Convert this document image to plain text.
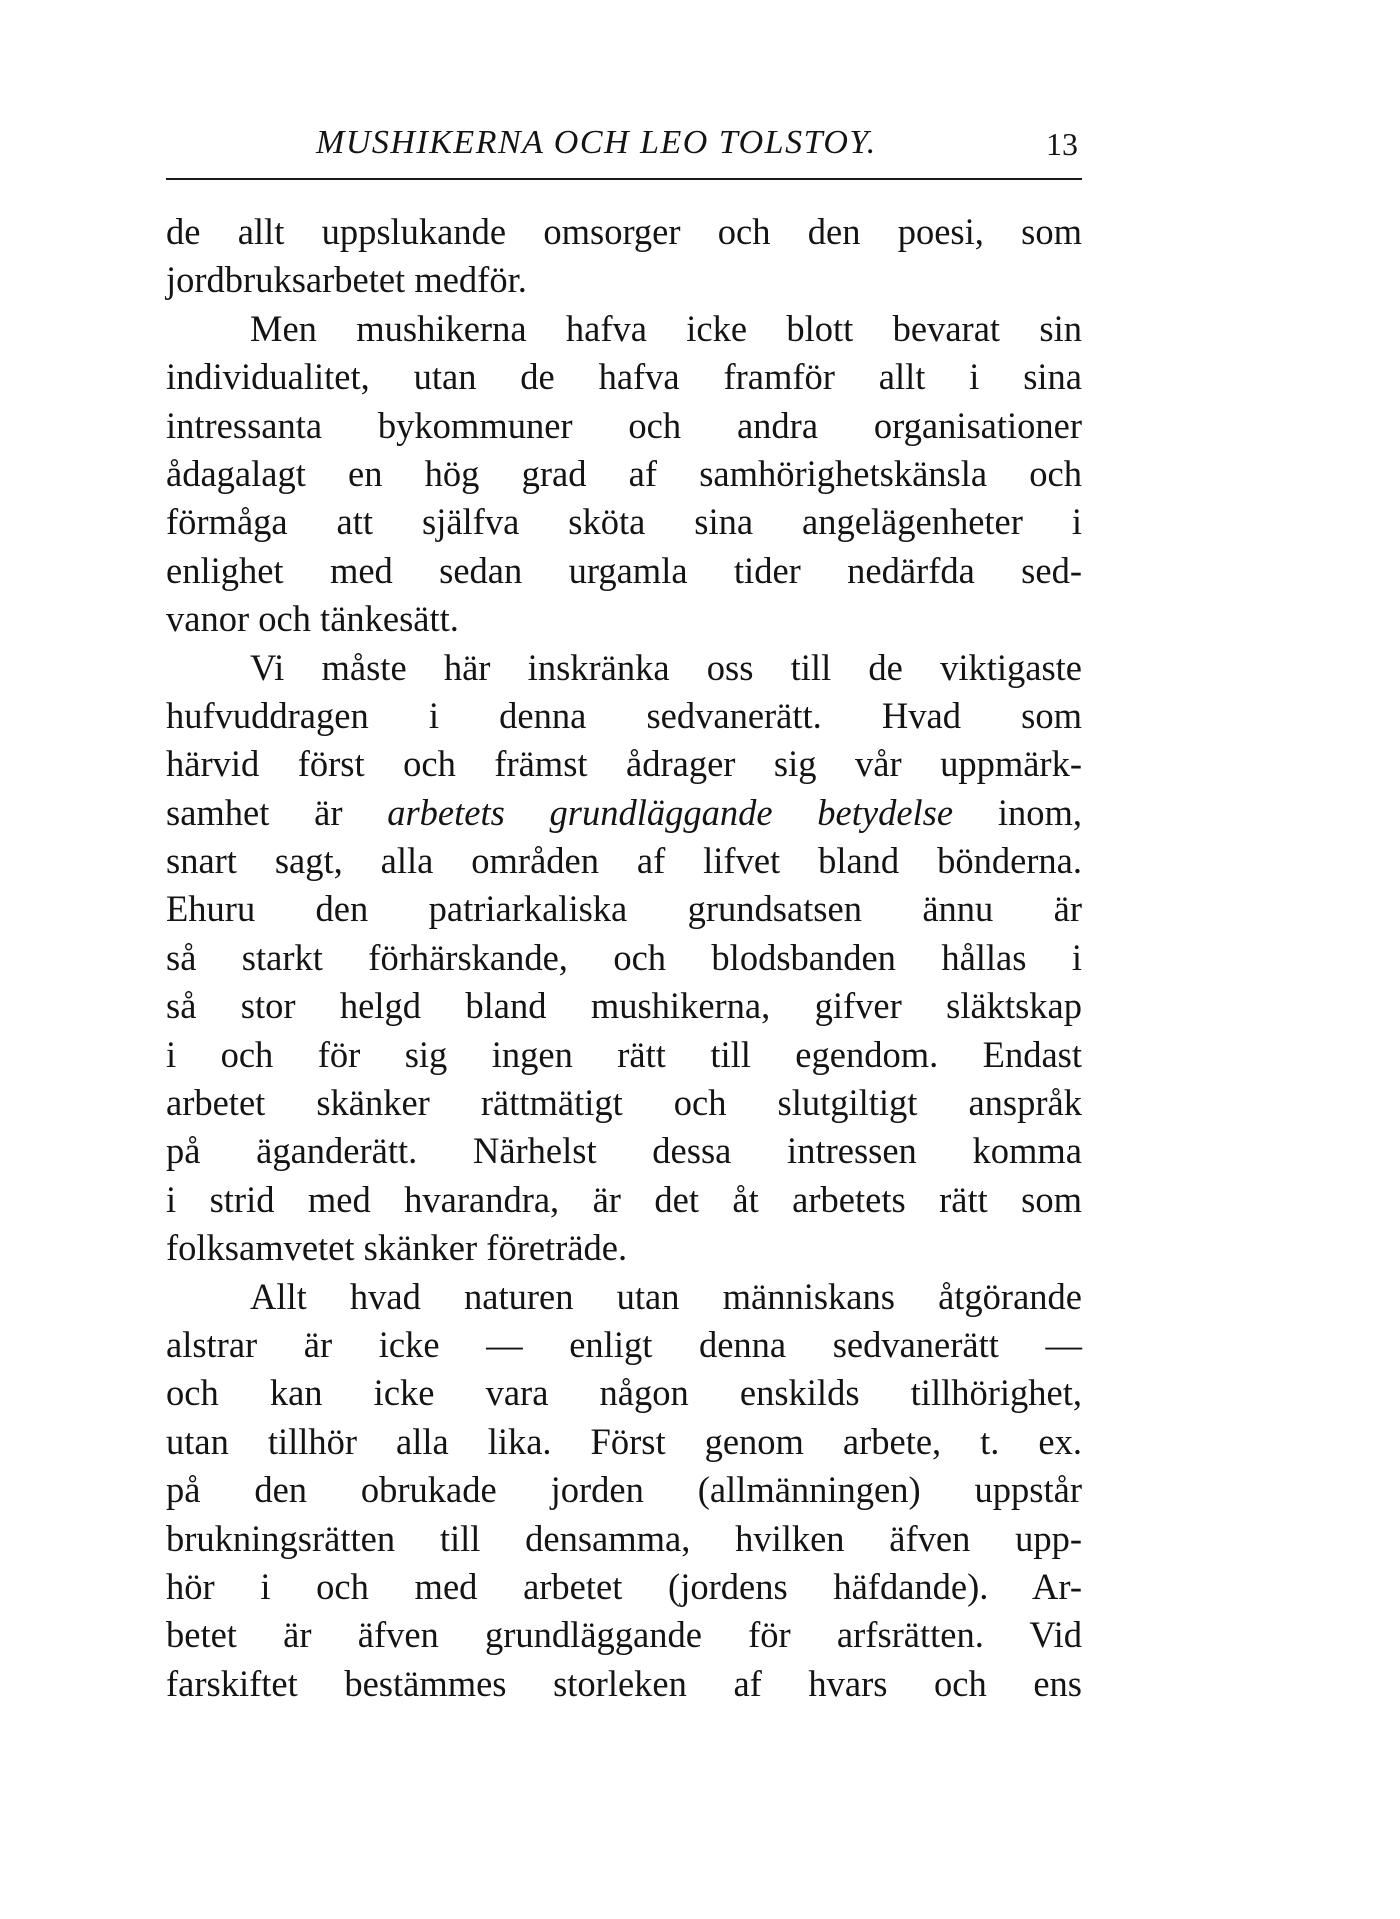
MUSHIKERNA OCH LEO TOLSTOY.	13
de allt uppslukande omsorger och den poesi, som
jordbruksarbetet medför.
Men mushikerna hafva icke blott bevarat sin
individualitet, utan de hafva framför allt i sina
intressanta bykommuner och andra organisationer
ådagalagt en hög grad af samhörighetskänsla och
förmåga att själfva sköta sina angelägenheter i
enlighet med sedan urgamla tider nedärfda sed-
vanor och tänkesätt.
Vi måste här inskränka oss till de viktigaste
hufvuddragen i denna sedvanerätt. Hvad som
härvid först och främst ådrager sig vår uppmärk-
samhet är arbetets grundläggande betydelse inom,
snart sagt, alla områden af lifvet bland bönderna.
Ehuru den patriarkaliska grundsatsen ännu är
så starkt förhärskande, och blodsbanden hållas i
så stor helgd bland mushikerna, gifver släktskap
i och för sig ingen rätt till egendom. Endast
arbetet skänker rättmätigt och slutgiltigt anspråk
på äganderätt. Närhelst dessa intressen komma
i strid med hvarandra, är det åt arbetets rätt som
folksamvetet skänker företräde.
Allt hvad naturen utan människans åtgörande
alstrar är icke — enligt denna sedvanerätt —
och kan icke vara någon enskilds tillhörighet,
utan tillhör alla lika. Först genom arbete, t. ex.
på den obrukade jorden (allmänningen) uppstår
brukningsrätten till densamma, hvilken äfven upp-
hör i och med arbetet (jordens häfdande). Ar-
betet är äfven grundläggande för arfsrätten. Vid
farskiftet bestämmes storleken af hvars och ens
